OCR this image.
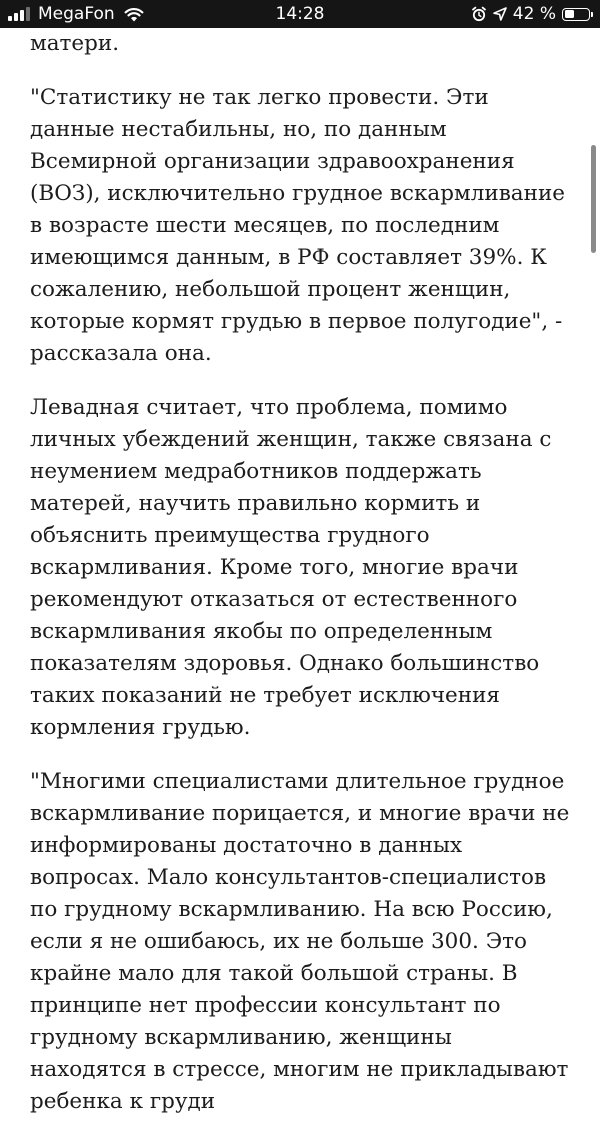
MegaFon	14:28	42 %

матери.

"Статистику не так легко провести. Эти данные нестабильны, но, по данным Всемирной организации здравоохранения (ВОЗ), исключительно грудное вскармливание в возрасте шести месяцев, по последним имеющимся данным, в РФ составляет 39%. К сожалению, небольшой процент женщин, которые кормят грудью в первое полугодие", - рассказала она.

Левадная считает, что проблема, помимо личных убеждений женщин, также связана с неумением медработников поддержать матерей, научить правильно кормить и объяснить преимущества грудного вскармливания. Кроме того, многие врачи рекомендуют отказаться от естественного вскармливания якобы по определенным показателям здоровья. Однако большинство таких показаний не требует исключения кормления грудью.

"Многими специалистами длительное грудное вскармливание порицается, и многие врачи не информированы достаточно в данных вопросах. Мало консультантов-специалистов по грудному вскармливанию. На всю Россию, если я не ошибаюсь, их не больше 300. Это крайне мало для такой большой страны. В принципе нет профессии консультант по грудному вскармливанию, женщины находятся в стрессе, многим не прикладывают ребенка к груди
